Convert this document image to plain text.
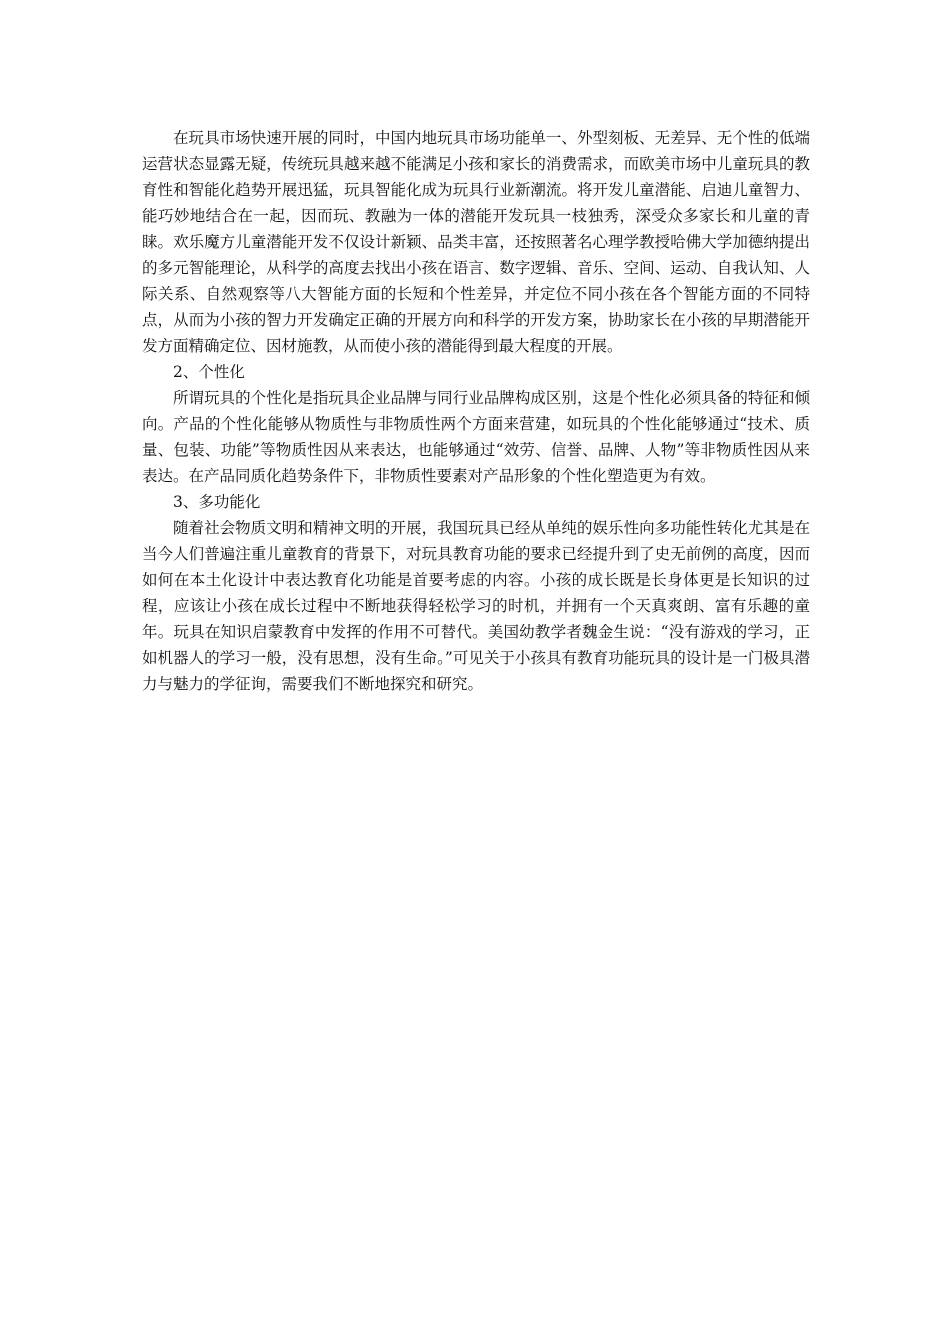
在玩具市场快速开展的同时，中国内地玩具市场功能单一、外型刻板、无差异、无个性的低端运营状态显露无疑，传统玩具越来越不能满足小孩和家长的消费需求，而欧美市场中儿童玩具的教育性和智能化趋势开展迅猛，玩具智能化成为玩具行业新潮流。将开发儿童潜能、启迪儿童智力、能巧妙地结合在一起，因而玩、教融为一体的潜能开发玩具一枝独秀，深受众多家长和儿童的青睐。欢乐魔方儿童潜能开发不仅设计新颖、品类丰富，还按照著名心理学教授哈佛大学加德纳提出的多元智能理论，从科学的高度去找出小孩在语言、数字逻辑、音乐、空间、运动、自我认知、人际关系、自然观察等八大智能方面的长短和个性差异，并定位不同小孩在各个智能方面的不同特点，从而为小孩的智力开发确定正确的开展方向和科学的开发方案，协助家长在小孩的早期潜能开发方面精确定位、因材施教，从而使小孩的潜能得到最大程度的开展。

2、个性化

所谓玩具的个性化是指玩具企业品牌与同行业品牌构成区别，这是个性化必须具备的特征和倾向。产品的个性化能够从物质性与非物质性两个方面来营建，如玩具的个性化能够通过“技术、质量、包装、功能”等物质性因从来表达，也能够通过“效劳、信誉、品牌、人物”等非物质性因从来表达。在产品同质化趋势条件下，非物质性要素对产品形象的个性化塑造更为有效。

3、多功能化

随着社会物质文明和精神文明的开展，我国玩具已经从单纯的娱乐性向多功能性转化尤其是在当今人们普遍注重儿童教育的背景下，对玩具教育功能的要求已经提升到了史无前例的高度，因而如何在本土化设计中表达教育化功能是首要考虑的内容。小孩的成长既是长身体更是长知识的过程，应该让小孩在成长过程中不断地获得轻松学习的时机，并拥有一个天真爽朗、富有乐趣的童年。玩具在知识启蒙教育中发挥的作用不可替代。美国幼教学者魏金生说：“没有游戏的学习，正如机器人的学习一般，没有思想，没有生命。”可见关于小孩具有教育功能玩具的设计是一门极具潜力与魅力的学征询，需要我们不断地探究和研究。
